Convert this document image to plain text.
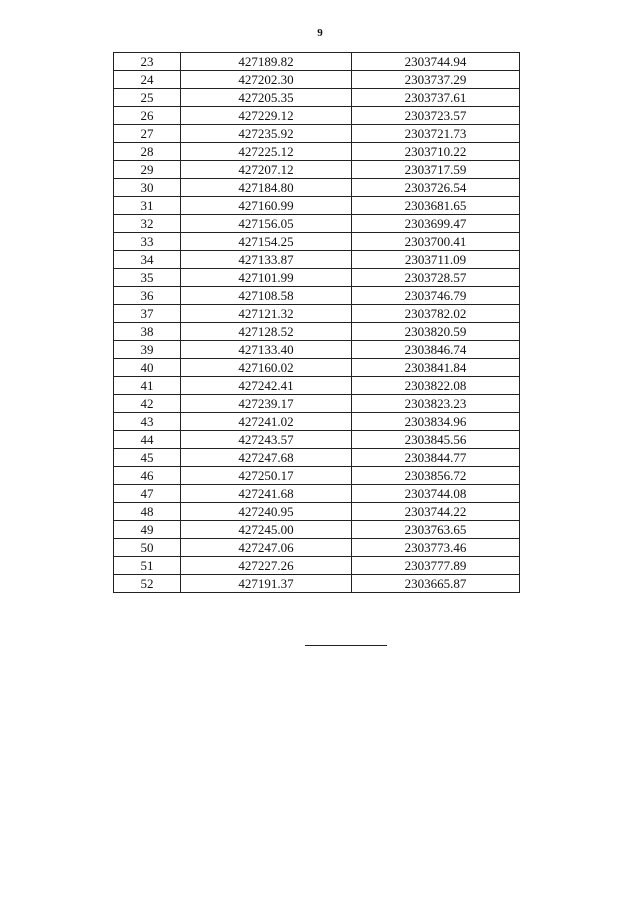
9
23	427189.82	2303744.94
24	427202.30	2303737.29
25	427205.35	2303737.61
26	427229.12	2303723.57
27	427235.92	2303721.73
28	427225.12	2303710.22
29	427207.12	2303717.59
30	427184.80	2303726.54
31	427160.99	2303681.65
32	427156.05	2303699.47
33	427154.25	2303700.41
34	427133.87	2303711.09
35	427101.99	2303728.57
36	427108.58	2303746.79
37	427121.32	2303782.02
38	427128.52	2303820.59
39	427133.40	2303846.74
40	427160.02	2303841.84
41	427242.41	2303822.08
42	427239.17	2303823.23
43	427241.02	2303834.96
44	427243.57	2303845.56
45	427247.68	2303844.77
46	427250.17	2303856.72
47	427241.68	2303744.08
48	427240.95	2303744.22
49	427245.00	2303763.65
50	427247.06	2303773.46
51	427227.26	2303777.89
52	427191.37	2303665.87
